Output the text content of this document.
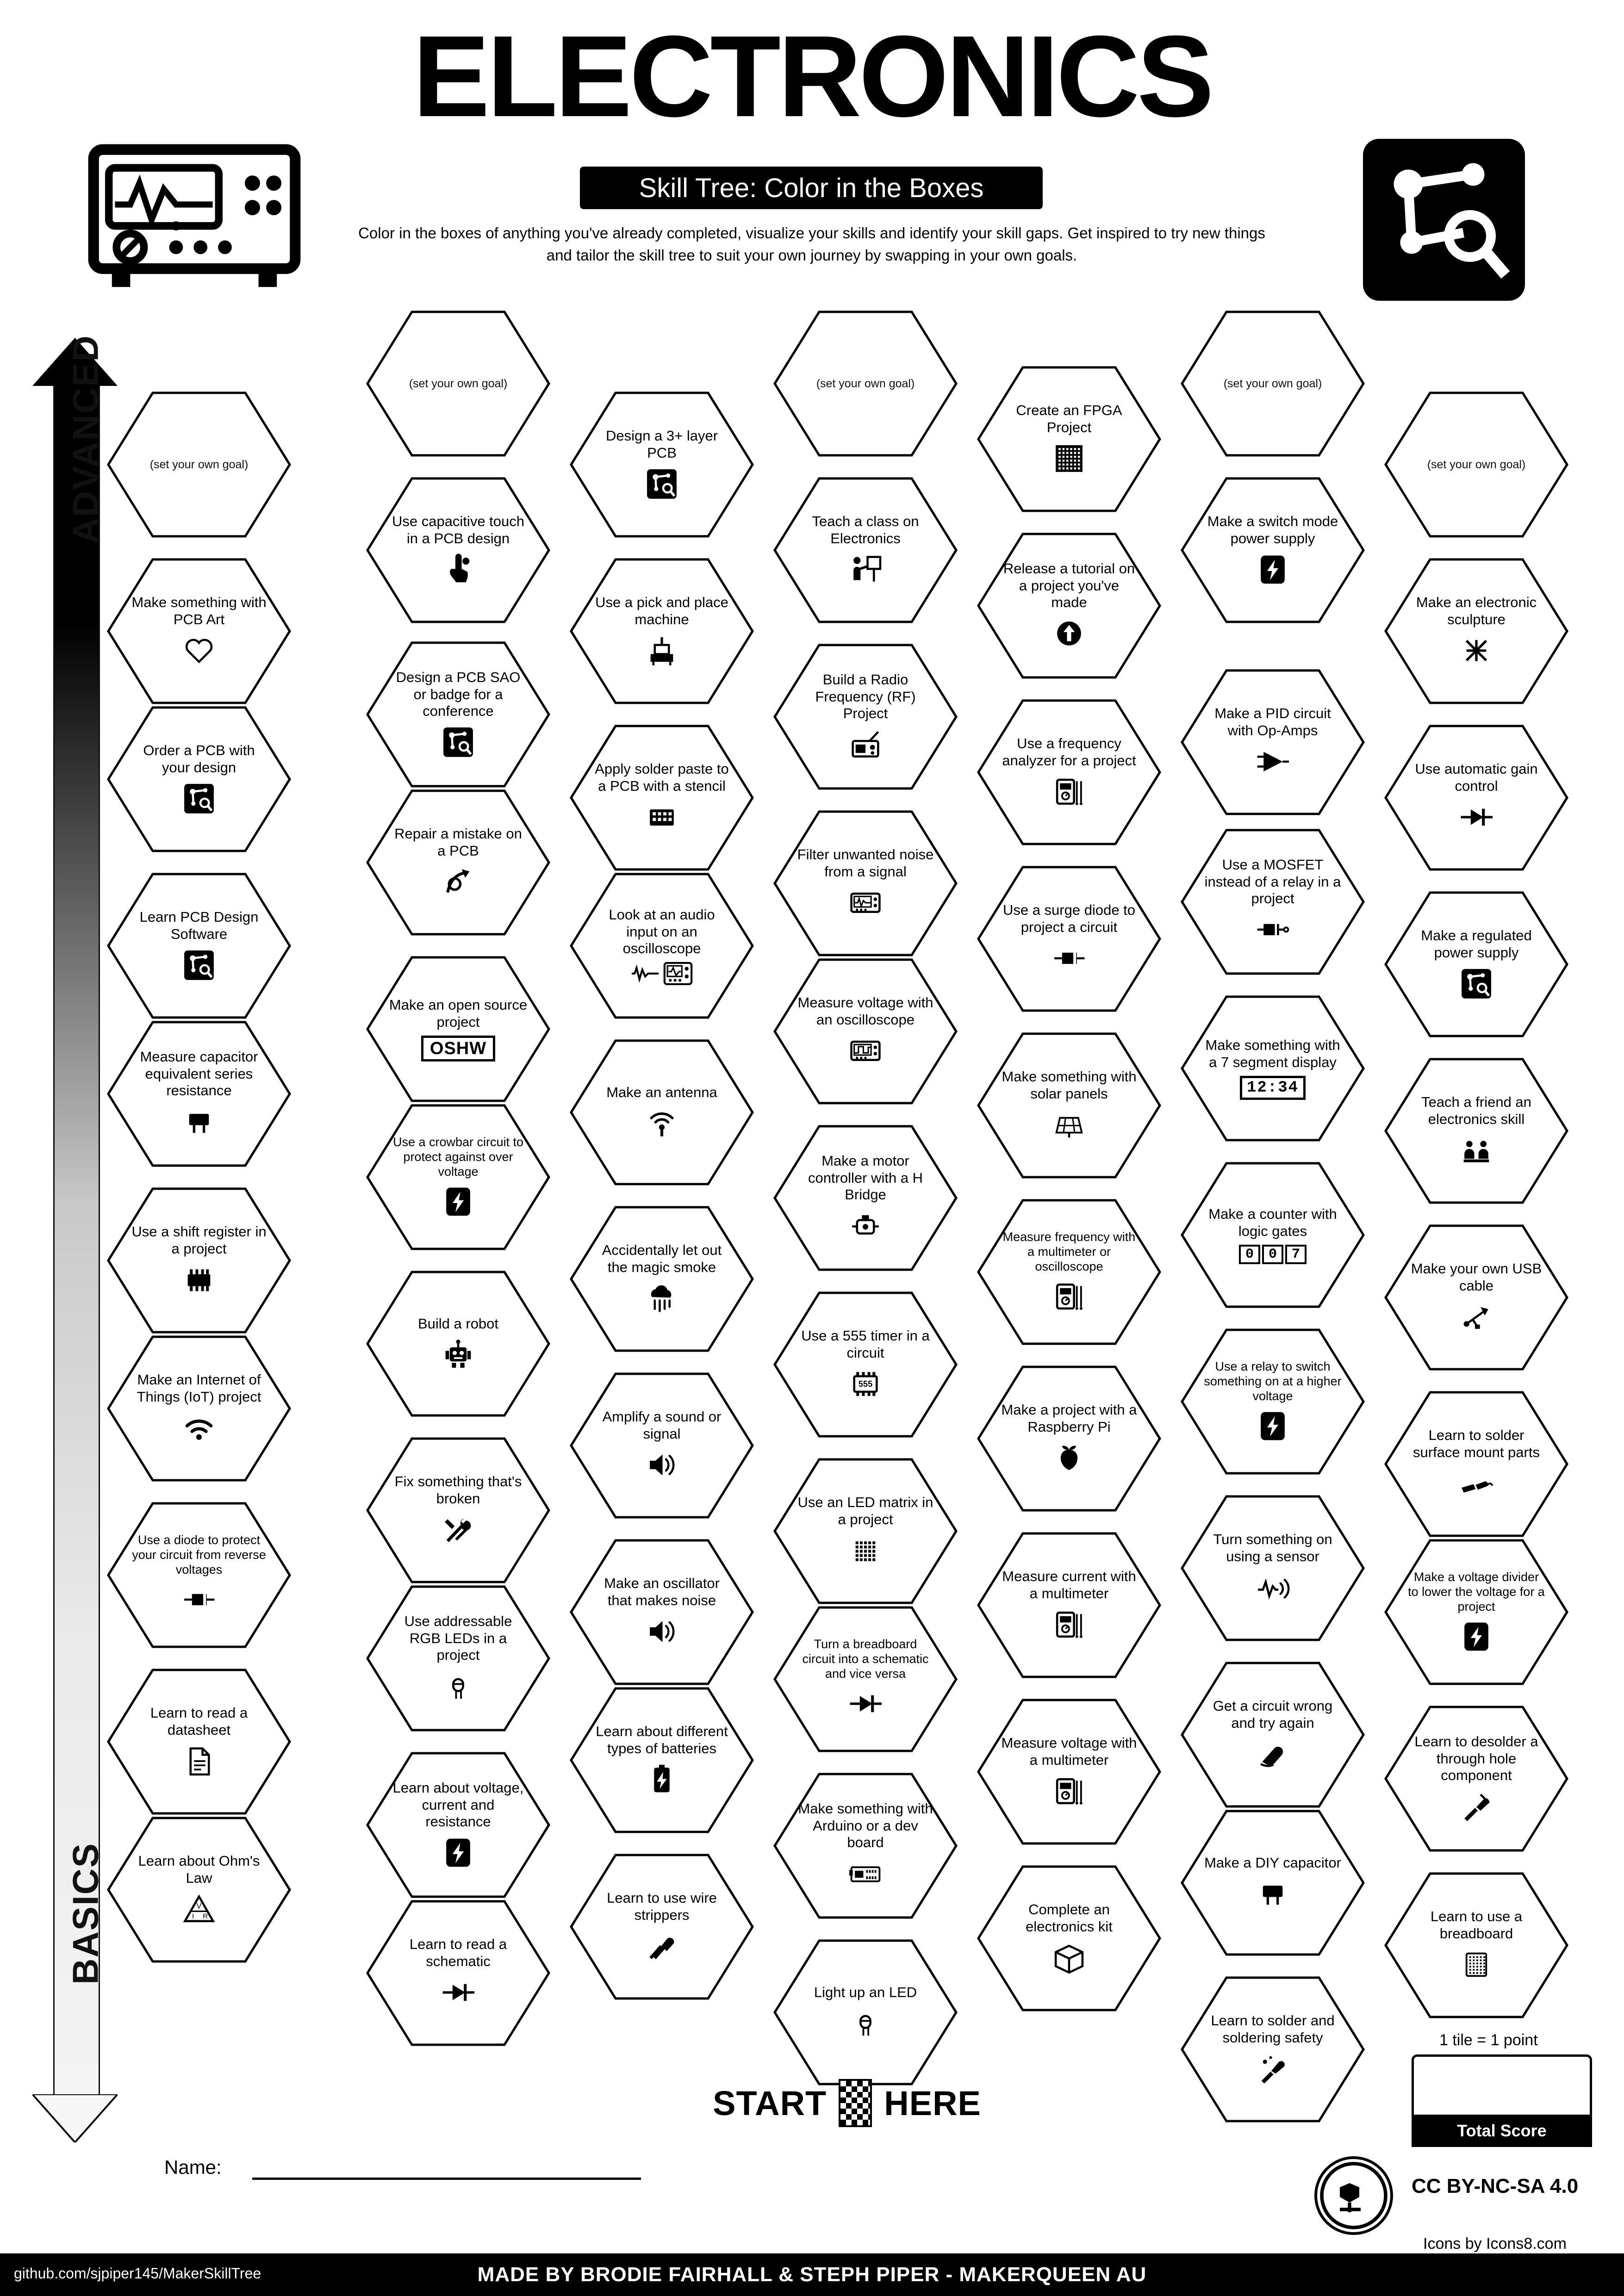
ELECTRONICS
Skill Tree: Color in the Boxes
Color in the boxes of anything you've already completed, visualize your skills and identify your skill gaps. Get inspired to try new things and tailor the skill tree to suit your own journey by swapping in your own goals.
ADVANCED
BASICS
(set your own goal)
Make something with PCB Art
Order a PCB with your design
Learn PCB Design Software
Measure capacitor equivalent series resistance
Use a shift register in a project
Make an Internet of Things (IoT) project
Use a diode to protect your circuit from reverse voltages
Learn to read a datasheet
Learn about Ohm's Law
V
I R
(set your own goal)
Use capacitive touch in a PCB design
Design a PCB SAO or badge for a conference
Repair a mistake on a PCB
Make an open source project
OSHW
Use a crowbar circuit to protect against over voltage
Build a robot
Fix something that's broken
Use addressable RGB LEDs in a project
Learn about voltage, current and resistance
Learn to read a schematic
Design a 3+ layer PCB
Use a pick and place machine
Apply solder paste to a PCB with a stencil
Look at an audio input on an oscilloscope
Make an antenna
Accidentally let out the magic smoke
Amplify a sound or signal
Make an oscillator that makes noise
Learn about different types of batteries
Learn to use wire strippers
(set your own goal)
Teach a class on Electronics
Build a Radio Frequency (RF) Project
Filter unwanted noise from a signal
Measure voltage with an oscilloscope
Make a motor controller with a H Bridge
Use a 555 timer in a circuit
555
Use an LED matrix in a project
Turn a breadboard circuit into a schematic and vice versa
Make something with Arduino or a dev board
Light up an LED
Create an FPGA Project
Release a tutorial on a project you've made
Use a frequency analyzer for a project
Use a surge diode to project a circuit
Make something with solar panels
Measure frequency with a multimeter or oscilloscope
Make a project with a Raspberry Pi
Measure current with a multimeter
Measure voltage with a multimeter
Complete an electronics kit
(set your own goal)
Make a switch mode power supply
Make a PID circuit with Op-Amps
Use a MOSFET instead of a relay in a project
Make something with a 7 segment display
12:34
Make a counter with logic gates
0	0	7
Use a relay to switch something on at a higher voltage
Turn something on using a sensor
Get a circuit wrong and try again
Make a DIY capacitor
Learn to solder and soldering safety
(set your own goal)
Make an electronic sculpture
Use automatic gain control
Make a regulated power supply
Teach a friend an electronics skill
Make your own USB cable
Learn to solder surface mount parts
Make a voltage divider to lower the voltage for a project
Learn to desolder a through hole component
Learn to use a breadboard
START HERE
Name:
1 tile = 1 point
Total Score
CC BY-NC-SA 4.0
Icons by Icons8.com
MADE BY BRODIE FAIRHALL & STEPH PIPER - MAKERQUEEN AU
github.com/sjpiper145/MakerSkillTree
